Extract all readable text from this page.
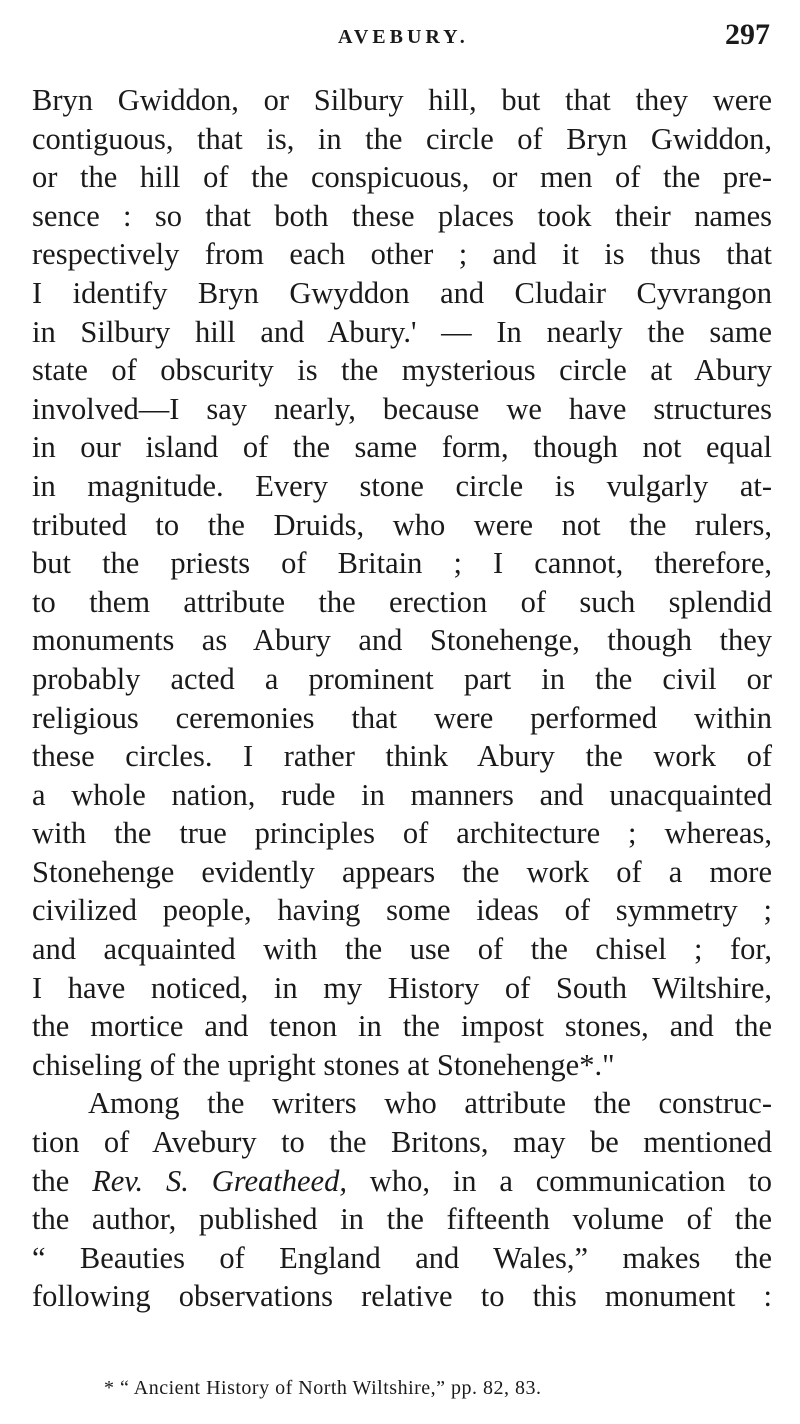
AVEBURY.	297
Bryn Gwiddon, or Silbury hill, but that they were
contiguous, that is, in the circle of Bryn Gwiddon,
or the hill of the conspicuous, or men of the pre-
sence : so that both these places took their names
respectively from each other ; and it is thus that
I identify Bryn Gwyddon and Cludair Cyvrangon
in Silbury hill and Abury.' — In nearly the same
state of obscurity is the mysterious circle at Abury
involved—I say nearly, because we have structures
in our island of the same form, though not equal
in magnitude. Every stone circle is vulgarly at-
tributed to the Druids, who were not the rulers,
but the priests of Britain ; I cannot, therefore,
to them attribute the erection of such splendid
monuments as Abury and Stonehenge, though they
probably acted a prominent part in the civil or
religious ceremonies that were performed within
these circles. I rather think Abury the work of
a whole nation, rude in manners and unacquainted
with the true principles of architecture ; whereas,
Stonehenge evidently appears the work of a more
civilized people, having some ideas of symmetry ;
and acquainted with the use of the chisel ; for,
I have noticed, in my History of South Wiltshire,
the mortice and tenon in the impost stones, and the
chiseling of the upright stones at Stonehenge*."
Among the writers who attribute the construc-
tion of Avebury to the Britons, may be mentioned
the Rev. S. Greatheed, who, in a communication to
the author, published in the fifteenth volume of the
“ Beauties of England and Wales,” makes the
following observations relative to this monument :
* “ Ancient History of North Wiltshire,” pp. 82, 83.
